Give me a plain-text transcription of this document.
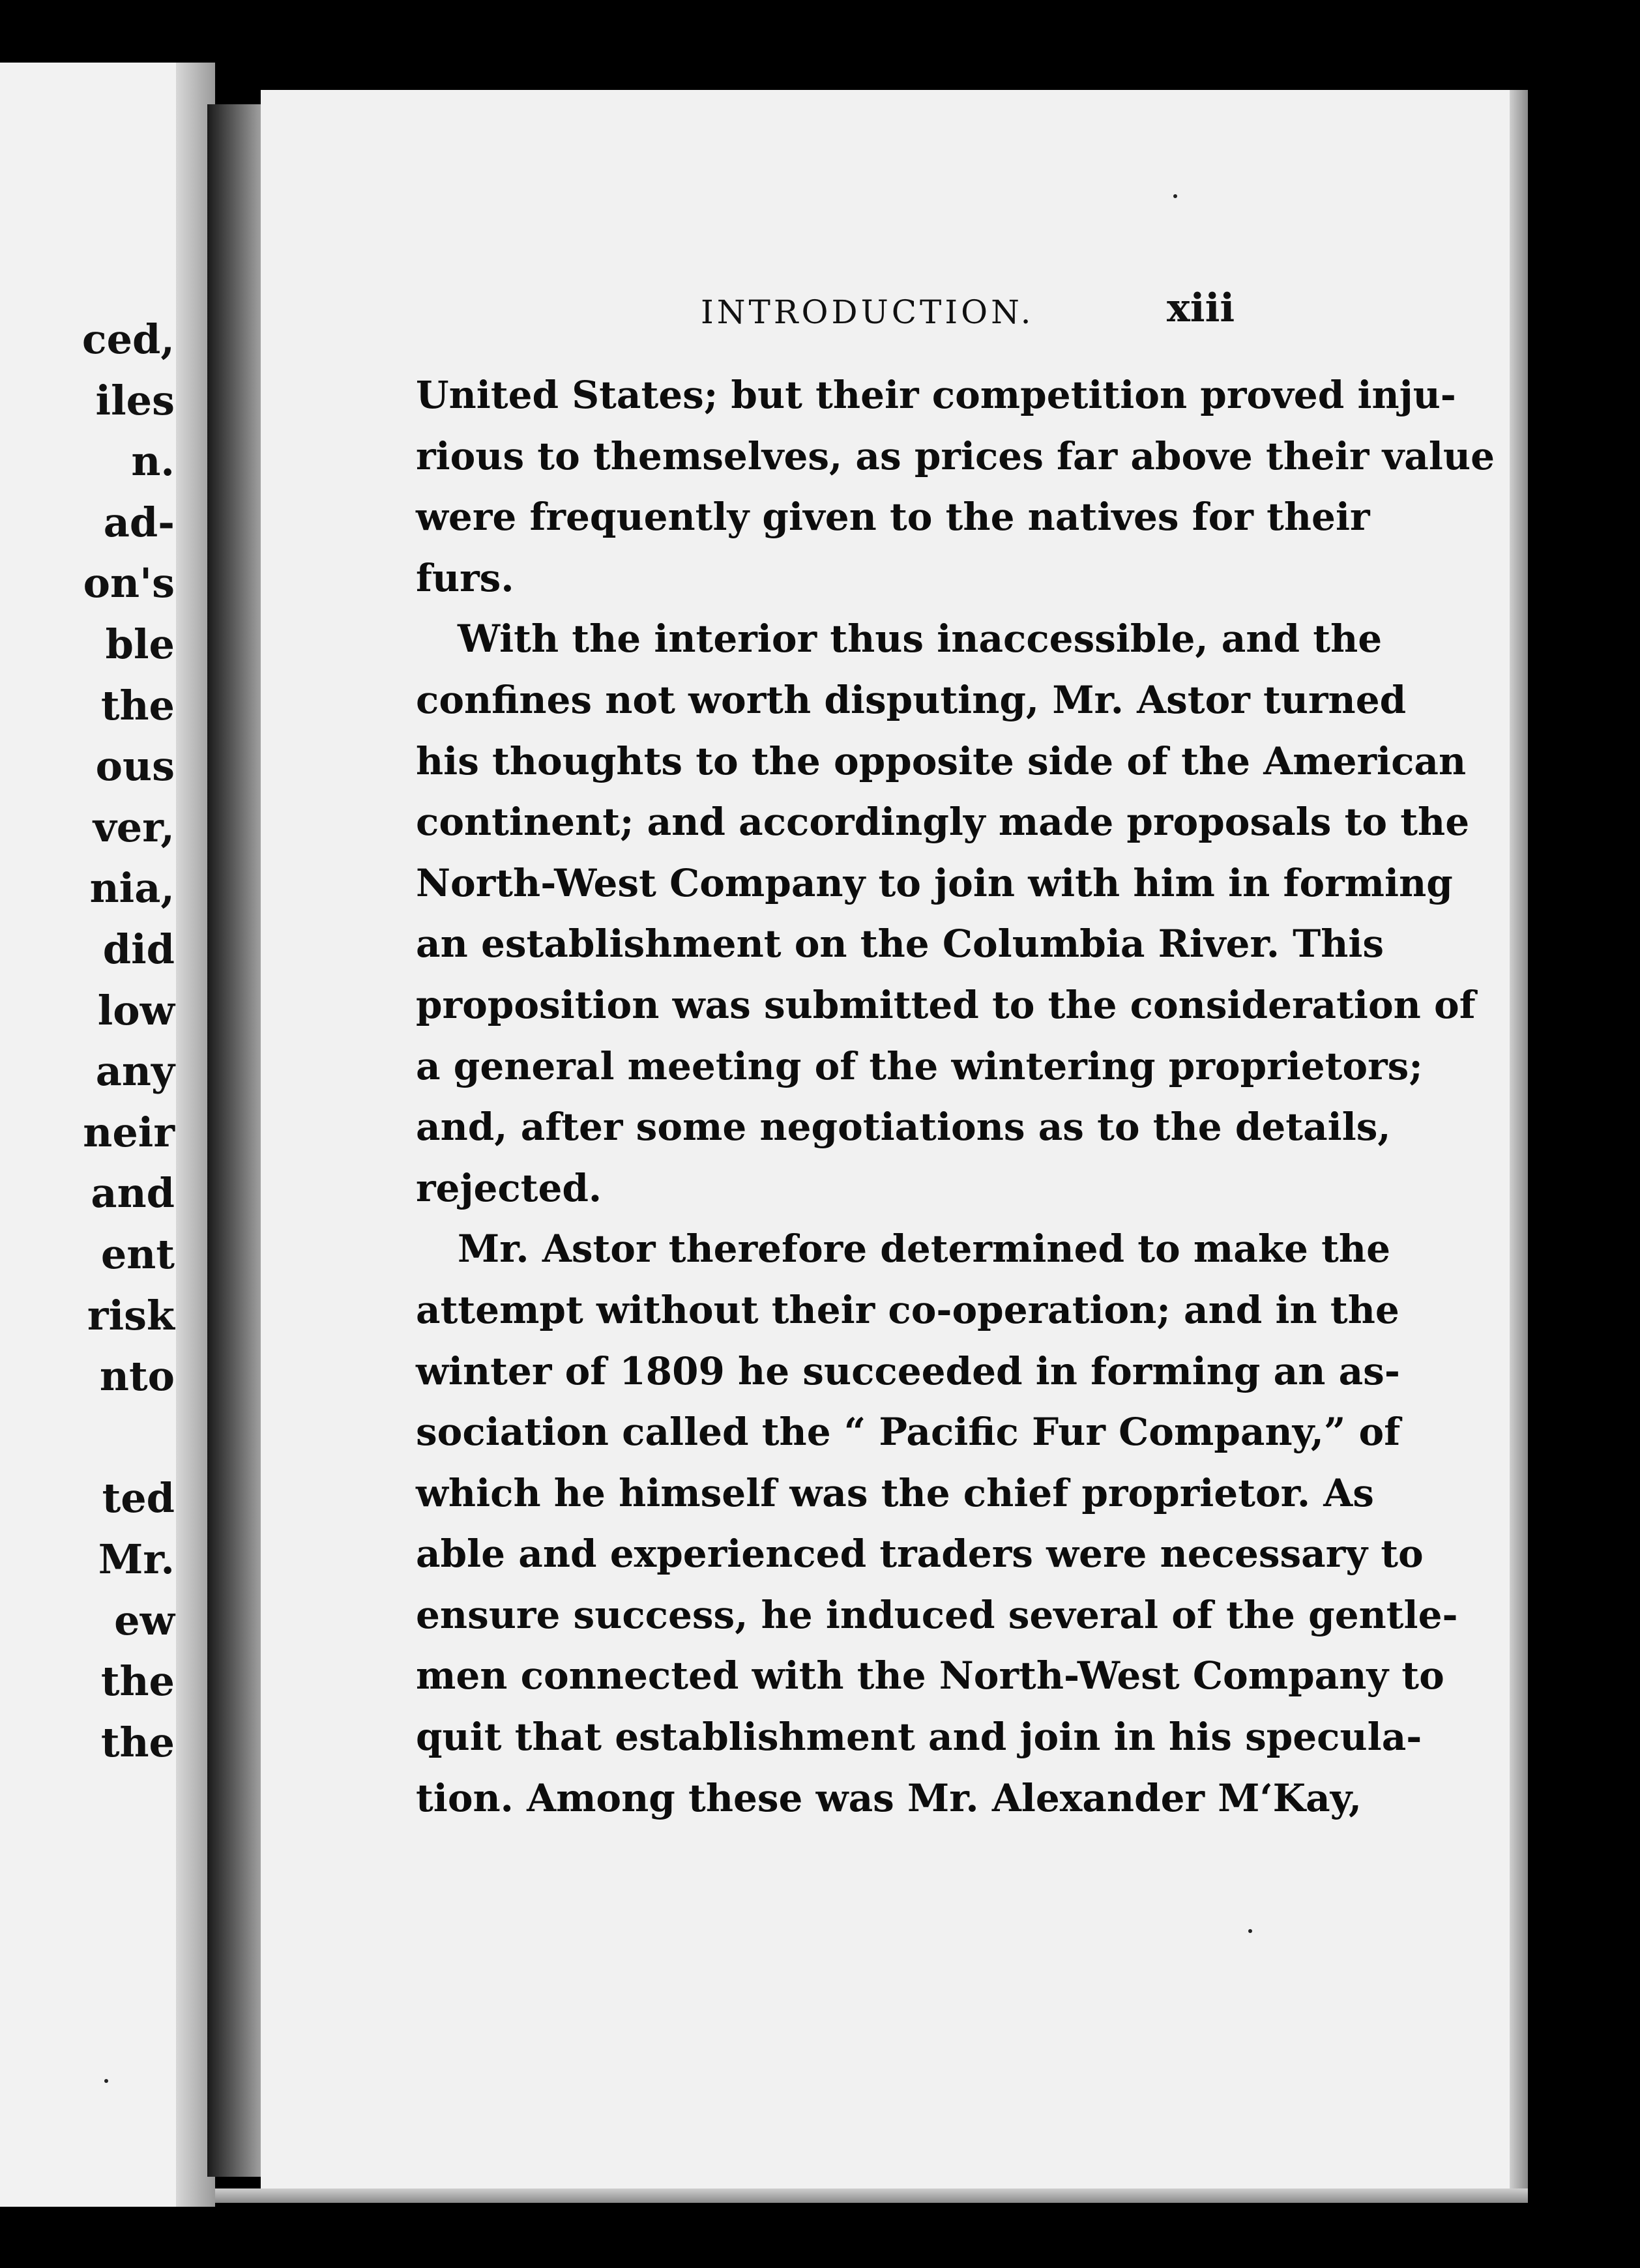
ced,
iles
n.
ad-
on's
ble
the
ous
ver,
nia,
did
low
any
neir
and
ent
risk
nto
ted
Mr.
ew
the
the
INTRODUCTION.	xiii
United States; but their competition proved inju-
rious to themselves, as prices far above their value
were frequently given to the natives for their
furs.
With the interior thus inaccessible, and the
confines not worth disputing, Mr. Astor turned
his thoughts to the opposite side of the American
continent; and accordingly made proposals to the
North-West Company to join with him in forming
an establishment on the Columbia River. This
proposition was submitted to the consideration of
a general meeting of the wintering proprietors;
and, after some negotiations as to the details,
rejected.
Mr. Astor therefore determined to make the
attempt without their co-operation; and in the
winter of 1809 he succeeded in forming an as-
sociation called the “ Pacific Fur Company,” of
which he himself was the chief proprietor. As
able and experienced traders were necessary to
ensure success, he induced several of the gentle-
men connected with the North-West Company to
quit that establishment and join in his specula-
tion. Among these was Mr. Alexander M‘Kay,
